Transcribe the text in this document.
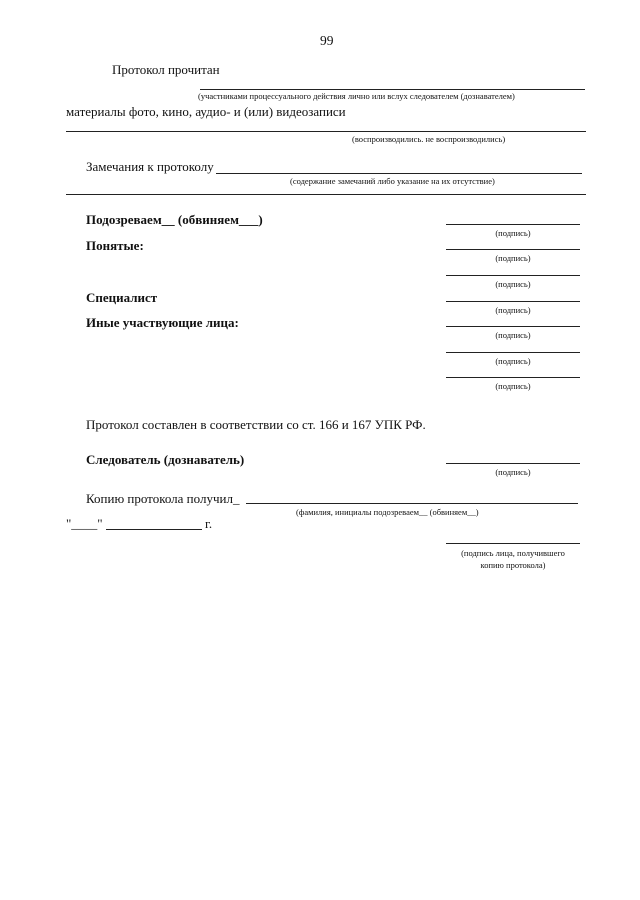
99
Протокол прочитан
(участниками процессуального действия лично или вслух следователем (дознавателем)
материалы фото, кино, аудио- и (или) видеозаписи
(воспроизводились. не воспроизводились)
Замечания к протоколу
(содержание замечаний либо указание на их отсутствие)
Подозреваем__ (обвиняем___)
(подпись)
Понятые:
(подпись)
(подпись)
Специалист
(подпись)
Иные участвующие лица:
(подпись)
(подпись)
(подпись)
Протокол составлен в соответствии со ст. 166 и 167 УПК РФ.
Следователь (дознаватель)
(подпись)
Копию протокола получил_
(фамилия, инициалы подозреваем__ (обвиняем__)
"____"	г.
(подпись лица, получившего
копию протокола)
